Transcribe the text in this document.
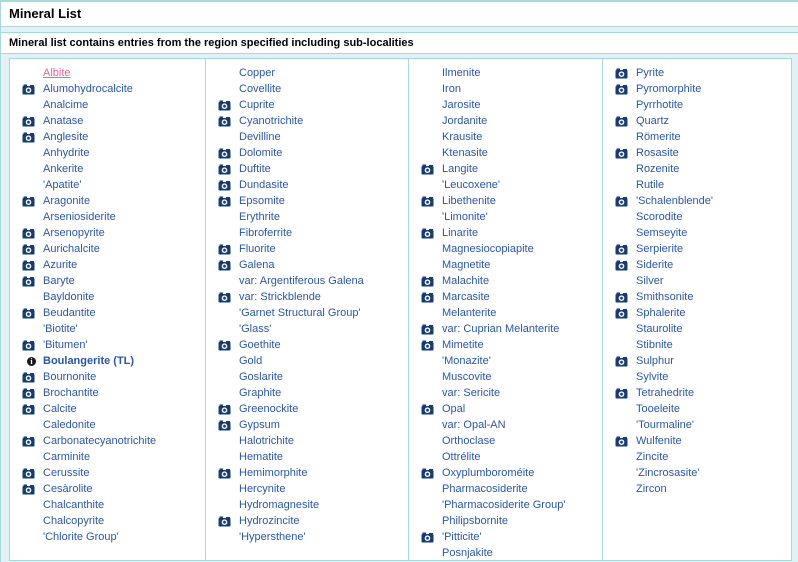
Mineral List

Mineral list contains entries from the region specified including sub-localities

Albite
Alumohydrocalcite
Analcime
Anatase
Anglesite
Anhydrite
Ankerite
'Apatite'
Aragonite
Arseniosiderite
Arsenopyrite
Aurichalcite
Azurite
Baryte
Bayldonite
Beudantite
'Biotite'
'Bitumen'
i Boulangerite (TL)
Bournonite
Brochantite
Calcite
Caledonite
Carbonatecyanotrichite
Carminite
Cerussite
Cesàrolite
Chalcanthite
Chalcopyrite
'Chlorite Group'
Copper
Covellite
Cuprite
Cyanotrichite
Devilline
Dolomite
Duftite
Dundasite
Epsomite
Erythrite
Fibroferrite
Fluorite
Galena
var: Argentiferous Galena
var: Strickblende
'Garnet Structural Group'
'Glass'
Goethite
Gold
Goslarite
Graphite
Greenockite
Gypsum
Halotrichite
Hematite
Hemimorphite
Hercynite
Hydromagnesite
Hydrozincite
'Hypersthene'
Ilmenite
Iron
Jarosite
Jordanite
Krausite
Ktenasite
Langite
'Leucoxene'
Libethenite
'Limonite'
Linarite
Magnesiocopiapite
Magnetite
Malachite
Marcasite
Melanterite
var: Cuprian Melanterite
Mimetite
'Monazite'
Muscovite
var: Sericite
Opal
var: Opal-AN
Orthoclase
Ottrélite
Oxyplumboroméite
Pharmacosiderite
'Pharmacosiderite Group'
Philipsbornite
'Pitticite'
Posnjakite
Pyrite
Pyromorphite
Pyrrhotite
Quartz
Römerite
Rosasite
Rozenite
Rutile
'Schalenblende'
Scorodite
Semseyite
Serpierite
Siderite
Silver
Smithsonite
Sphalerite
Staurolite
Stibnite
Sulphur
Sylvite
Tetrahedrite
Tooeleite
'Tourmaline'
Wulfenite
Zincite
'Zincrosasite'
Zircon
